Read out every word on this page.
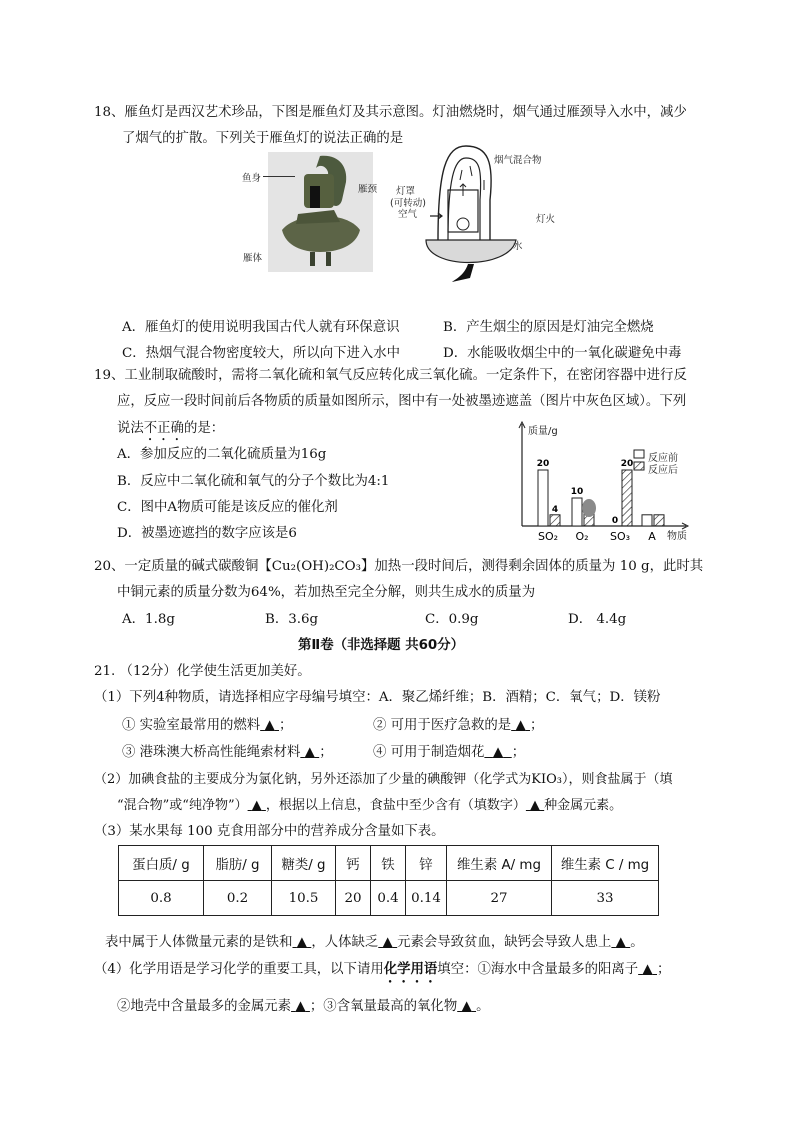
18、雁鱼灯是西汉艺术珍品，下图是雁鱼灯及其示意图。灯油燃烧时，烟气通过雁颈导入水中，减少
了烟气的扩散。下列关于雁鱼灯的说法正确的是
鱼身
雁颈
雁体
烟气混合物
灯罩
(可转动)
空气	灯火
水
A．雁鱼灯的使用说明我国古代人就有环保意识	B．产生烟尘的原因是灯油完全燃烧
C．热烟气混合物密度较大，所以向下进入水中	D．水能吸收烟尘中的一氧化碳避免中毒
19、工业制取硫酸时，需将二氧化硫和氧气反应转化成三氧化硫。一定条件下，在密闭容器中进行反
应，反应一段时间前后各物质的质量如图所示，图中有一处被墨迹遮盖（图片中灰色区域）。下列
说法不正确的是：
A．参加反应的二氧化硫质量为16g
B．反应中二氧化硫和氧气的分子个数比为4:1
C．图中A物质可能是该反应的催化剂
D．被墨迹遮挡的数字应该是6	SO₂ O₂ SO₃ A
20
4
10
0
20
质量/g
物质
反应前
反应后
20、一定质量的碱式碳酸铜【Cu₂(OH)₂CO₃】加热一段时间后，测得剩余固体的质量为 10 g，此时其
中铜元素的质量分数为64%，若加热至完全分解，则共生成水的质量为
A．1.8g	B．3.6g	C．0.9g	D． 4.4g
第Ⅱ卷（非选择题 共60分）
21. （12分）化学使生活更加美好。
（1）下列4种物质，请选择相应字母编号填空：A．聚乙烯纤维；B．酒精；C．氧气；D．镁粉
① 实验室最常用的燃料 ▲ ；	② 可用于医疗急救的是 ▲ ；
③ 港珠澳大桥高性能绳索材料 ▲ ；	④ 可用于制造烟花 ▲ ；
（2）加碘食盐的主要成分为氯化钠，另外还添加了少量的碘酸钾（化学式为KIO₃），则食盐属于（填
“混合物”或“纯净物”） ▲ ，根据以上信息，食盐中至少含有（填数字） ▲ 种金属元素。
（3）某水果每 100 克食用部分中的营养成分含量如下表。
蛋白质/ g	脂肪/ g	糖类/ g	钙	铁	锌	维生素 A/ mg	维生素 C / mg
0.8	0.2	10.5	20	0.4	0.14	27	33
表中属于人体微量元素的是铁和 ▲ ，人体缺乏 ▲ 元素会导致贫血，缺钙会导致人患上 ▲ 。
（4）化学用语是学习化学的重要工具，以下请用化学用语填空：①海水中含量最多的阳离子 ▲ ；
②地壳中含量最多的金属元素 ▲ ；③含氧量最高的氧化物 ▲ 。
